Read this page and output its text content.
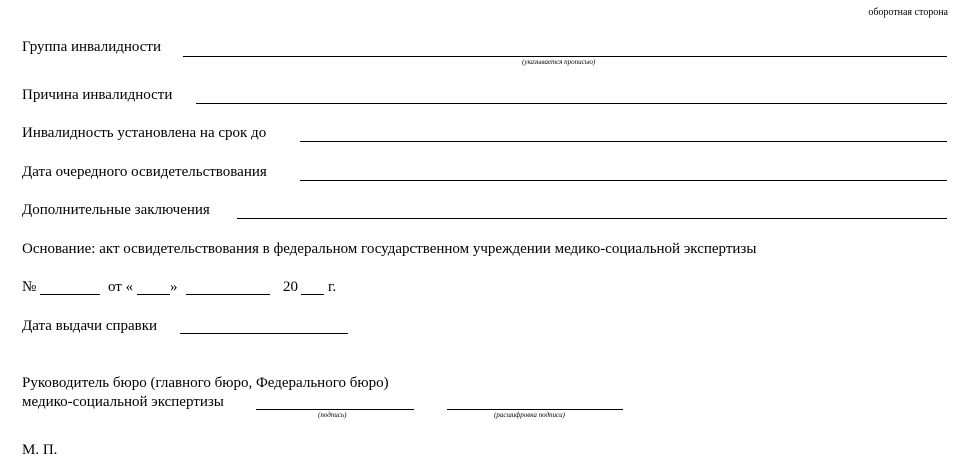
оборотная сторона
Группа инвалидности
(указывается прописью)
Причина инвалидности
Инвалидность установлена на срок до
Дата очередного освидетельствования
Дополнительные заключения
Основание: акт освидетельствования в федеральном государственном учреждении медико-социальной экспертизы
№	от « »	20 г.
Дата выдачи справки
Руководитель бюро (главного бюро, Федерального бюро)
медико-социальной экспертизы
(подпись)	(расшифровка подписи)
М. П.
